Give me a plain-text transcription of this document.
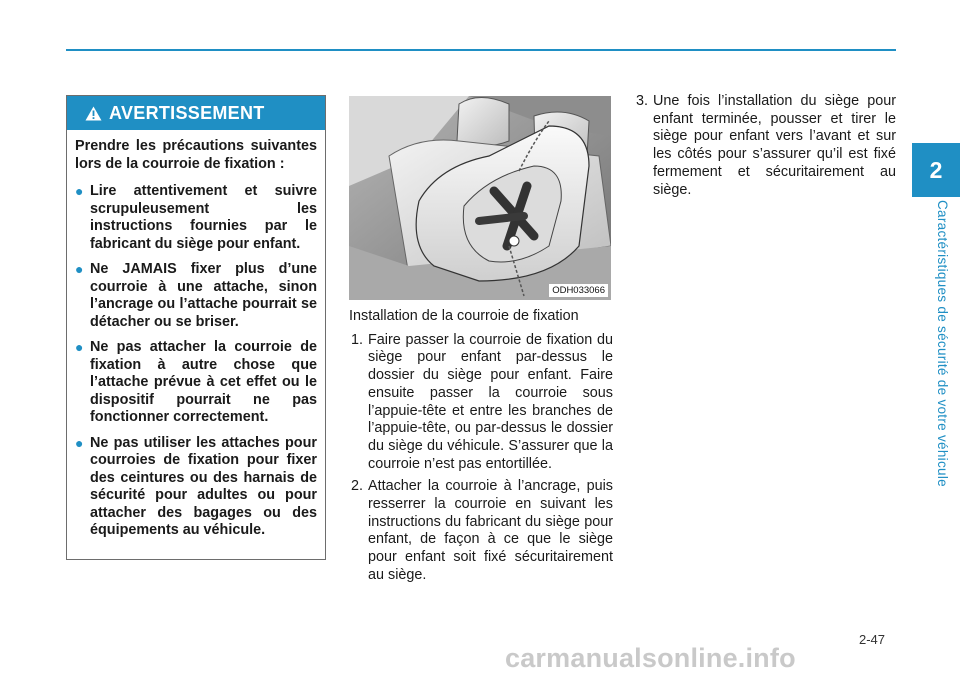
2
Caractéristiques de sécurité de votre véhicule
AVERTISSEMENT

Prendre les précautions suivantes lors de la courroie de fixation :

● Lire attentivement et suivre scrupuleusement les instructions fournies par le fabricant du siège pour enfant.
● Ne JAMAIS fixer plus d’une courroie à une attache, sinon l’ancrage ou l’attache pourrait se détacher ou se briser.
● Ne pas attacher la courroie de fixation à autre chose que l’attache prévue à cet effet ou le dispositif pourrait ne pas fonctionner correctement.
● Ne pas utiliser les attaches pour courroies de fixation pour fixer des ceintures ou des harnais de sécurité pour adultes ou pour attacher des bagages ou des équipements au véhicule.
ODH033066

Installation de la courroie de fixation

1. Faire passer la courroie de fixation du siège pour enfant par-dessus le dossier du siège pour enfant. Faire ensuite passer la courroie sous l’appuie-tête et entre les branches de l’appuie-tête, ou par-dessus le dossier du siège du véhicule. S’assurer que la courroie n’est pas entortillée.
2. Attacher la courroie à l’ancrage, puis resserrer la courroie en suivant les instructions du fabricant du siège pour enfant, de façon à ce que le siège pour enfant soit fixé sécuritairement au siège.
3. Une fois l’installation du siège pour enfant terminée, pousser et tirer le siège pour enfant vers l’avant et sur les côtés pour s’assurer qu’il est fixé fermement et sécuritairement au siège.
2-47
carmanualsonline.info
